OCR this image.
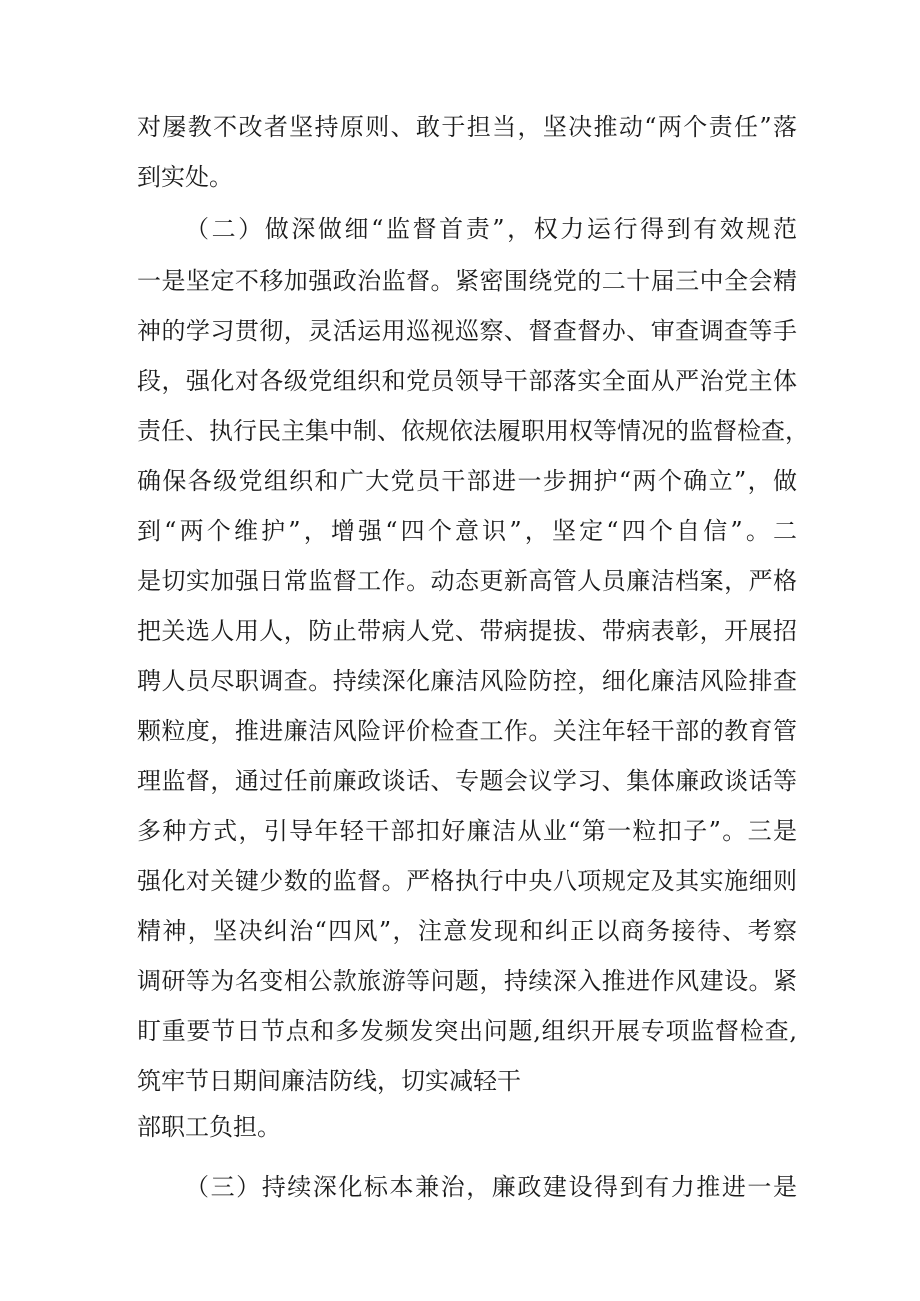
对屡教不改者坚持原则、敢于担当，坚决推动“两个责任”落
到实处。
（二）做深做细“监督首责”，权力运行得到有效规范
一是坚定不移加强政治监督。紧密围绕党的二十届三中全会精
神的学习贯彻，灵活运用巡视巡察、督查督办、审查调查等手
段，强化对各级党组织和党员领导干部落实全面从严治党主体
责任、执行民主集中制、依规依法履职用权等情况的监督检查，
确保各级党组织和广大党员干部进一步拥护“两个确立”，做
到“两个维护”，增强“四个意识”，坚定“四个自信”。二
是切实加强日常监督工作。动态更新高管人员廉洁档案，严格
把关选人用人，防止带病人党、带病提拔、带病表彰，开展招
聘人员尽职调查。持续深化廉洁风险防控，细化廉洁风险排查
颗粒度，推进廉洁风险评价检查工作。关注年轻干部的教育管
理监督，通过任前廉政谈话、专题会议学习、集体廉政谈话等
多种方式，引导年轻干部扣好廉洁从业“第一粒扣子”。三是
强化对关键少数的监督。严格执行中央八项规定及其实施细则
精神，坚决纠治“四风”，注意发现和纠正以商务接待、考察
调研等为名变相公款旅游等问题，持续深入推进作风建设。紧
盯重要节日节点和多发频发突出问题,组织开展专项监督检查,
筑牢节日期间廉洁防线，切实减轻干
部职工负担。
（三）持续深化标本兼治，廉政建设得到有力推进一是
